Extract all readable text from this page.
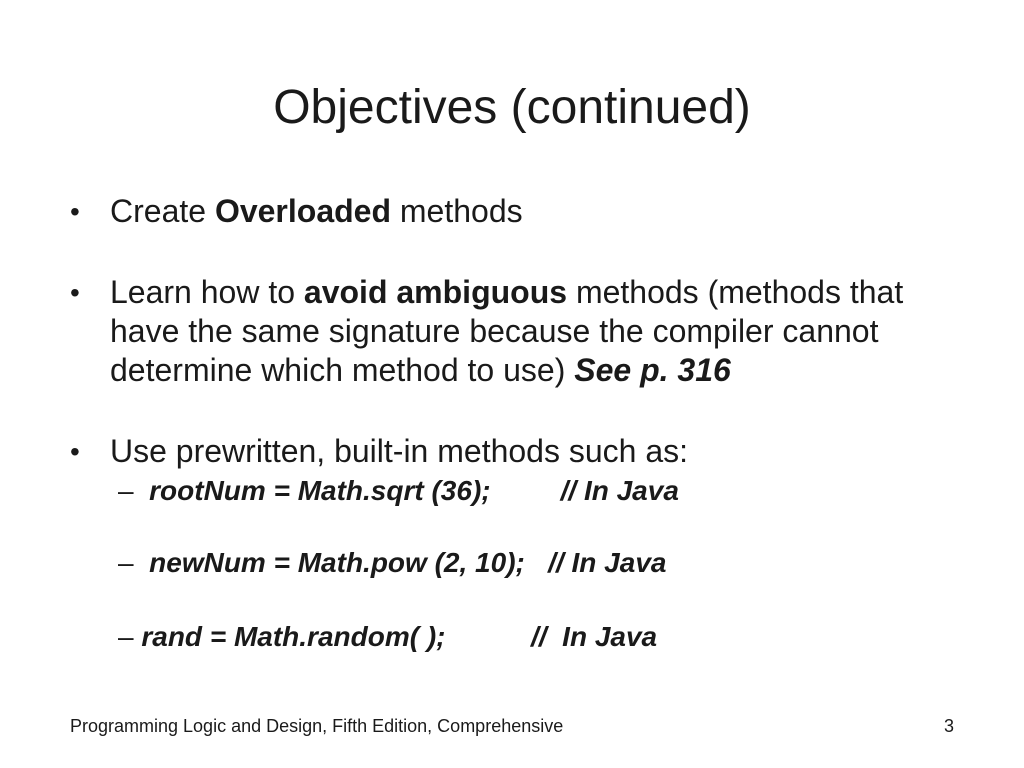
Objectives (continued)
• Create Overloaded methods
• Learn how to avoid ambiguous methods (methods that have the same signature because the compiler cannot determine which method to use) See p. 316
• Use prewritten, built-in methods such as:
–  rootNum = Math.sqrt (36);         // In Java
–  newNum = Math.pow (2, 10);   // In Java
– rand = Math.random( );           //  In Java
Programming Logic and Design, Fifth Edition, Comprehensive	3
